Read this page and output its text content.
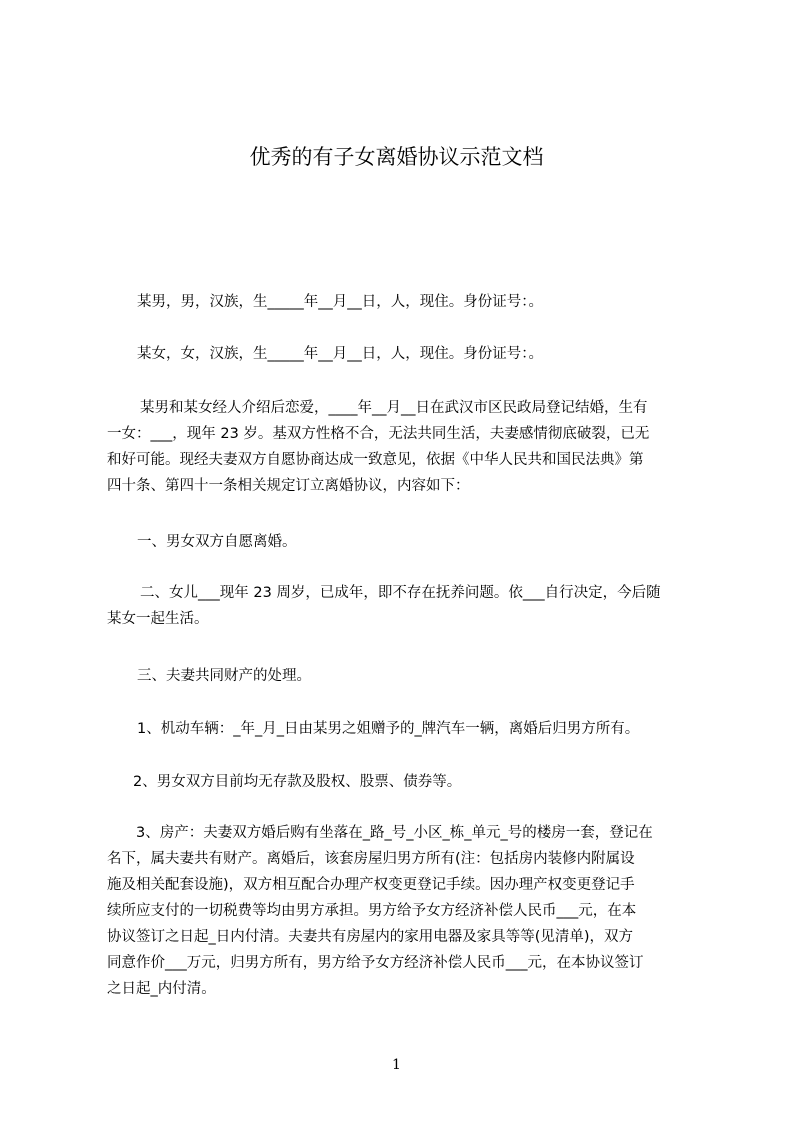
优秀的有子女离婚协议示范文档
某男，男，汉族，生_____年__月__日，人，现住。身份证号：。
某女，女，汉族，生_____年__月__日，人，现住。身份证号：。
某男和某女经人介绍后恋爱，____年__月__日在武汉市区民政局登记结婚，生有
一女：___，现年 23 岁。基双方性格不合，无法共同生活，夫妻感情彻底破裂，已无
和好可能。现经夫妻双方自愿协商达成一致意见，依据《中华人民共和国民法典》第
四十条、第四十一条相关规定订立离婚协议，内容如下：
一、男女双方自愿离婚。
二、女儿___现年 23 周岁，已成年，即不存在抚养问题。依___自行决定，今后随
某女一起生活。
三、夫妻共同财产的处理。
1、机动车辆：_年_月_日由某男之姐赠予的_牌汽车一辆，离婚后归男方所有。
2、男女双方目前均无存款及股权、股票、债券等。
3、房产：夫妻双方婚后购有坐落在_路_号_小区_栋_单元_号的楼房一套，登记在
名下，属夫妻共有财产。离婚后，该套房屋归男方所有(注：包括房内装修内附属设
施及相关配套设施)，双方相互配合办理产权变更登记手续。因办理产权变更登记手
续所应支付的一切税费等均由男方承担。男方给予女方经济补偿人民币___元，在本
协议签订之日起_日内付清。夫妻共有房屋内的家用电器及家具等等(见清单)，双方
同意作价___万元，归男方所有，男方给予女方经济补偿人民币___元，在本协议签订
之日起_内付清。
1
